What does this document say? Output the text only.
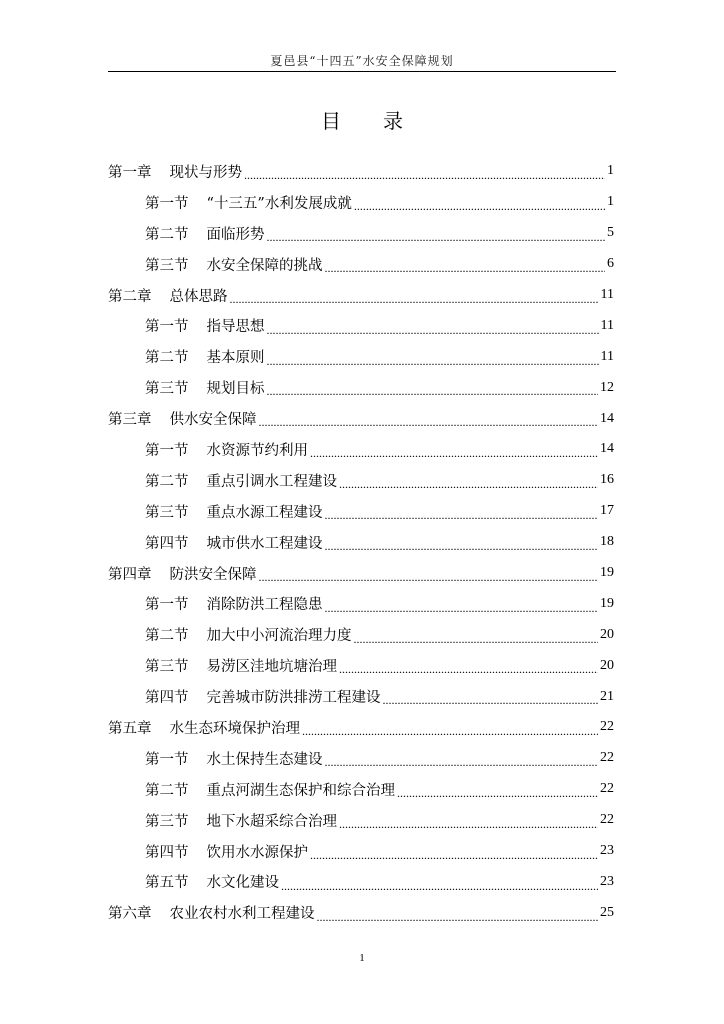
夏邑县“十四五”水安全保障规划
目录
第一章 现状与形势 .....	1
第一节 “十三五”水利发展成就 .....	1
第二节 面临形势 .....	5
第三节 水安全保障的挑战 .....	6
第二章 总体思路 .....	11
第一节 指导思想 .....	11
第二节 基本原则 .....	11
第三节 规划目标 .....	12
第三章 供水安全保障 .....	14
第一节 水资源节约利用 .....	14
第二节 重点引调水工程建设 .....	16
第三节 重点水源工程建设 .....	17
第四节 城市供水工程建设 .....	18
第四章 防洪安全保障 .....	19
第一节 消除防洪工程隐患 .....	19
第二节 加大中小河流治理力度 .....	20
第三节 易涝区洼地坑塘治理 .....	20
第四节 完善城市防洪排涝工程建设 .....	21
第五章 水生态环境保护治理 .....	22
第一节 水土保持生态建设 .....	22
第二节 重点河湖生态保护和综合治理 .....	22
第三节 地下水超采综合治理 .....	22
第四节 饮用水水源保护 .....	23
第五节 水文化建设 .....	23
第六章 农业农村水利工程建设 .....	25
1
